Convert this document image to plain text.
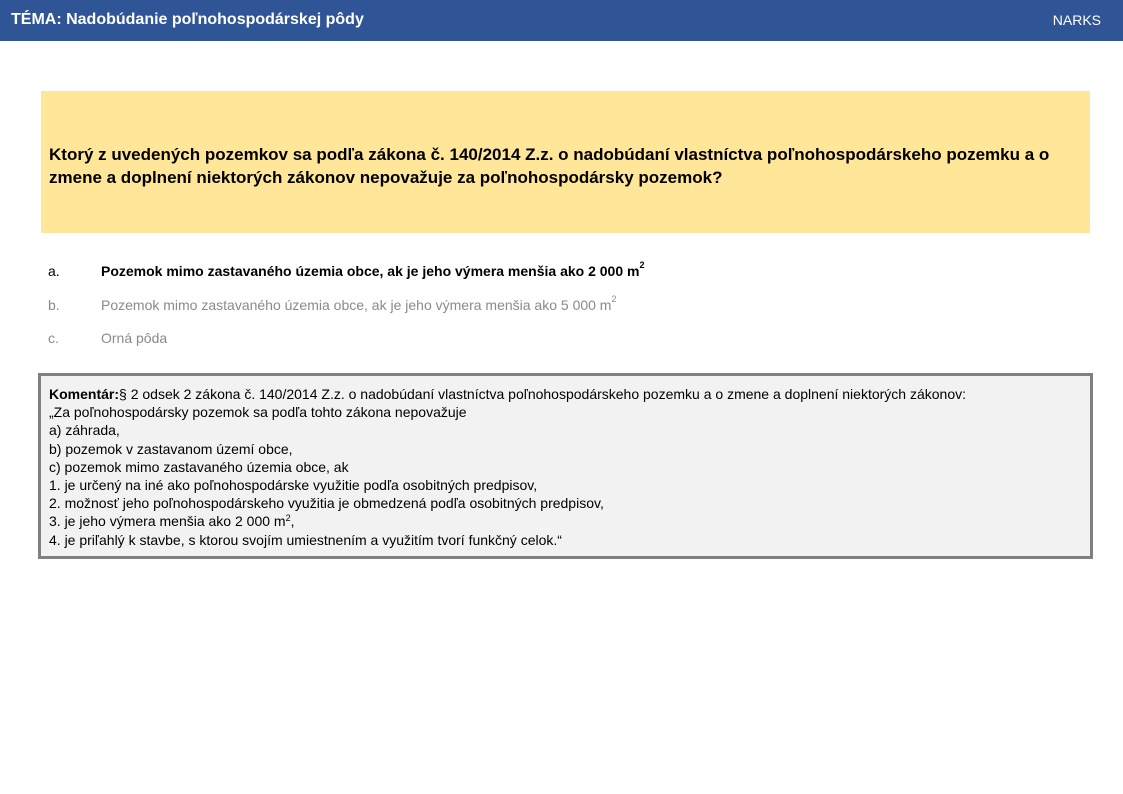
TÉMA: Nadobúdanie poľnohospodárskej pôdy	NARKS
Ktorý z uvedených pozemkov sa podľa zákona č. 140/2014 Z.z. o nadobúdaní vlastníctva poľnohospodárskeho pozemku a o zmene a doplnení niektorých zákonov nepovažuje za poľnohospodársky pozemok?
a.	Pozemok mimo zastavaného územia obce, ak je jeho výmera menšia ako 2 000 $m^2$
b.	Pozemok mimo zastavaného územia obce, ak je jeho výmera menšia ako 5 000 $m^2$
c.	Orná pôda
Komentár:§ 2 odsek 2 zákona č. 140/2014 Z.z. o nadobúdaní vlastníctva poľnohospodárskeho pozemku a o zmene a doplnení niektorých zákonov:
„Za poľnohospodársky pozemok sa podľa tohto zákona nepovažuje
a) záhrada,
b) pozemok v zastavanom území obce,
c) pozemok mimo zastavaného územia obce, ak
1. je určený na iné ako poľnohospodárske využitie podľa osobitných predpisov,
2. možnosť jeho poľnohospodárskeho využitia je obmedzená podľa osobitných predpisov,
3. je jeho výmera menšia ako 2 000 $m^2$,
4. je priľahlý k stavbe, s ktorou svojím umiestnením a využitím tvorí funkčný celok.“
